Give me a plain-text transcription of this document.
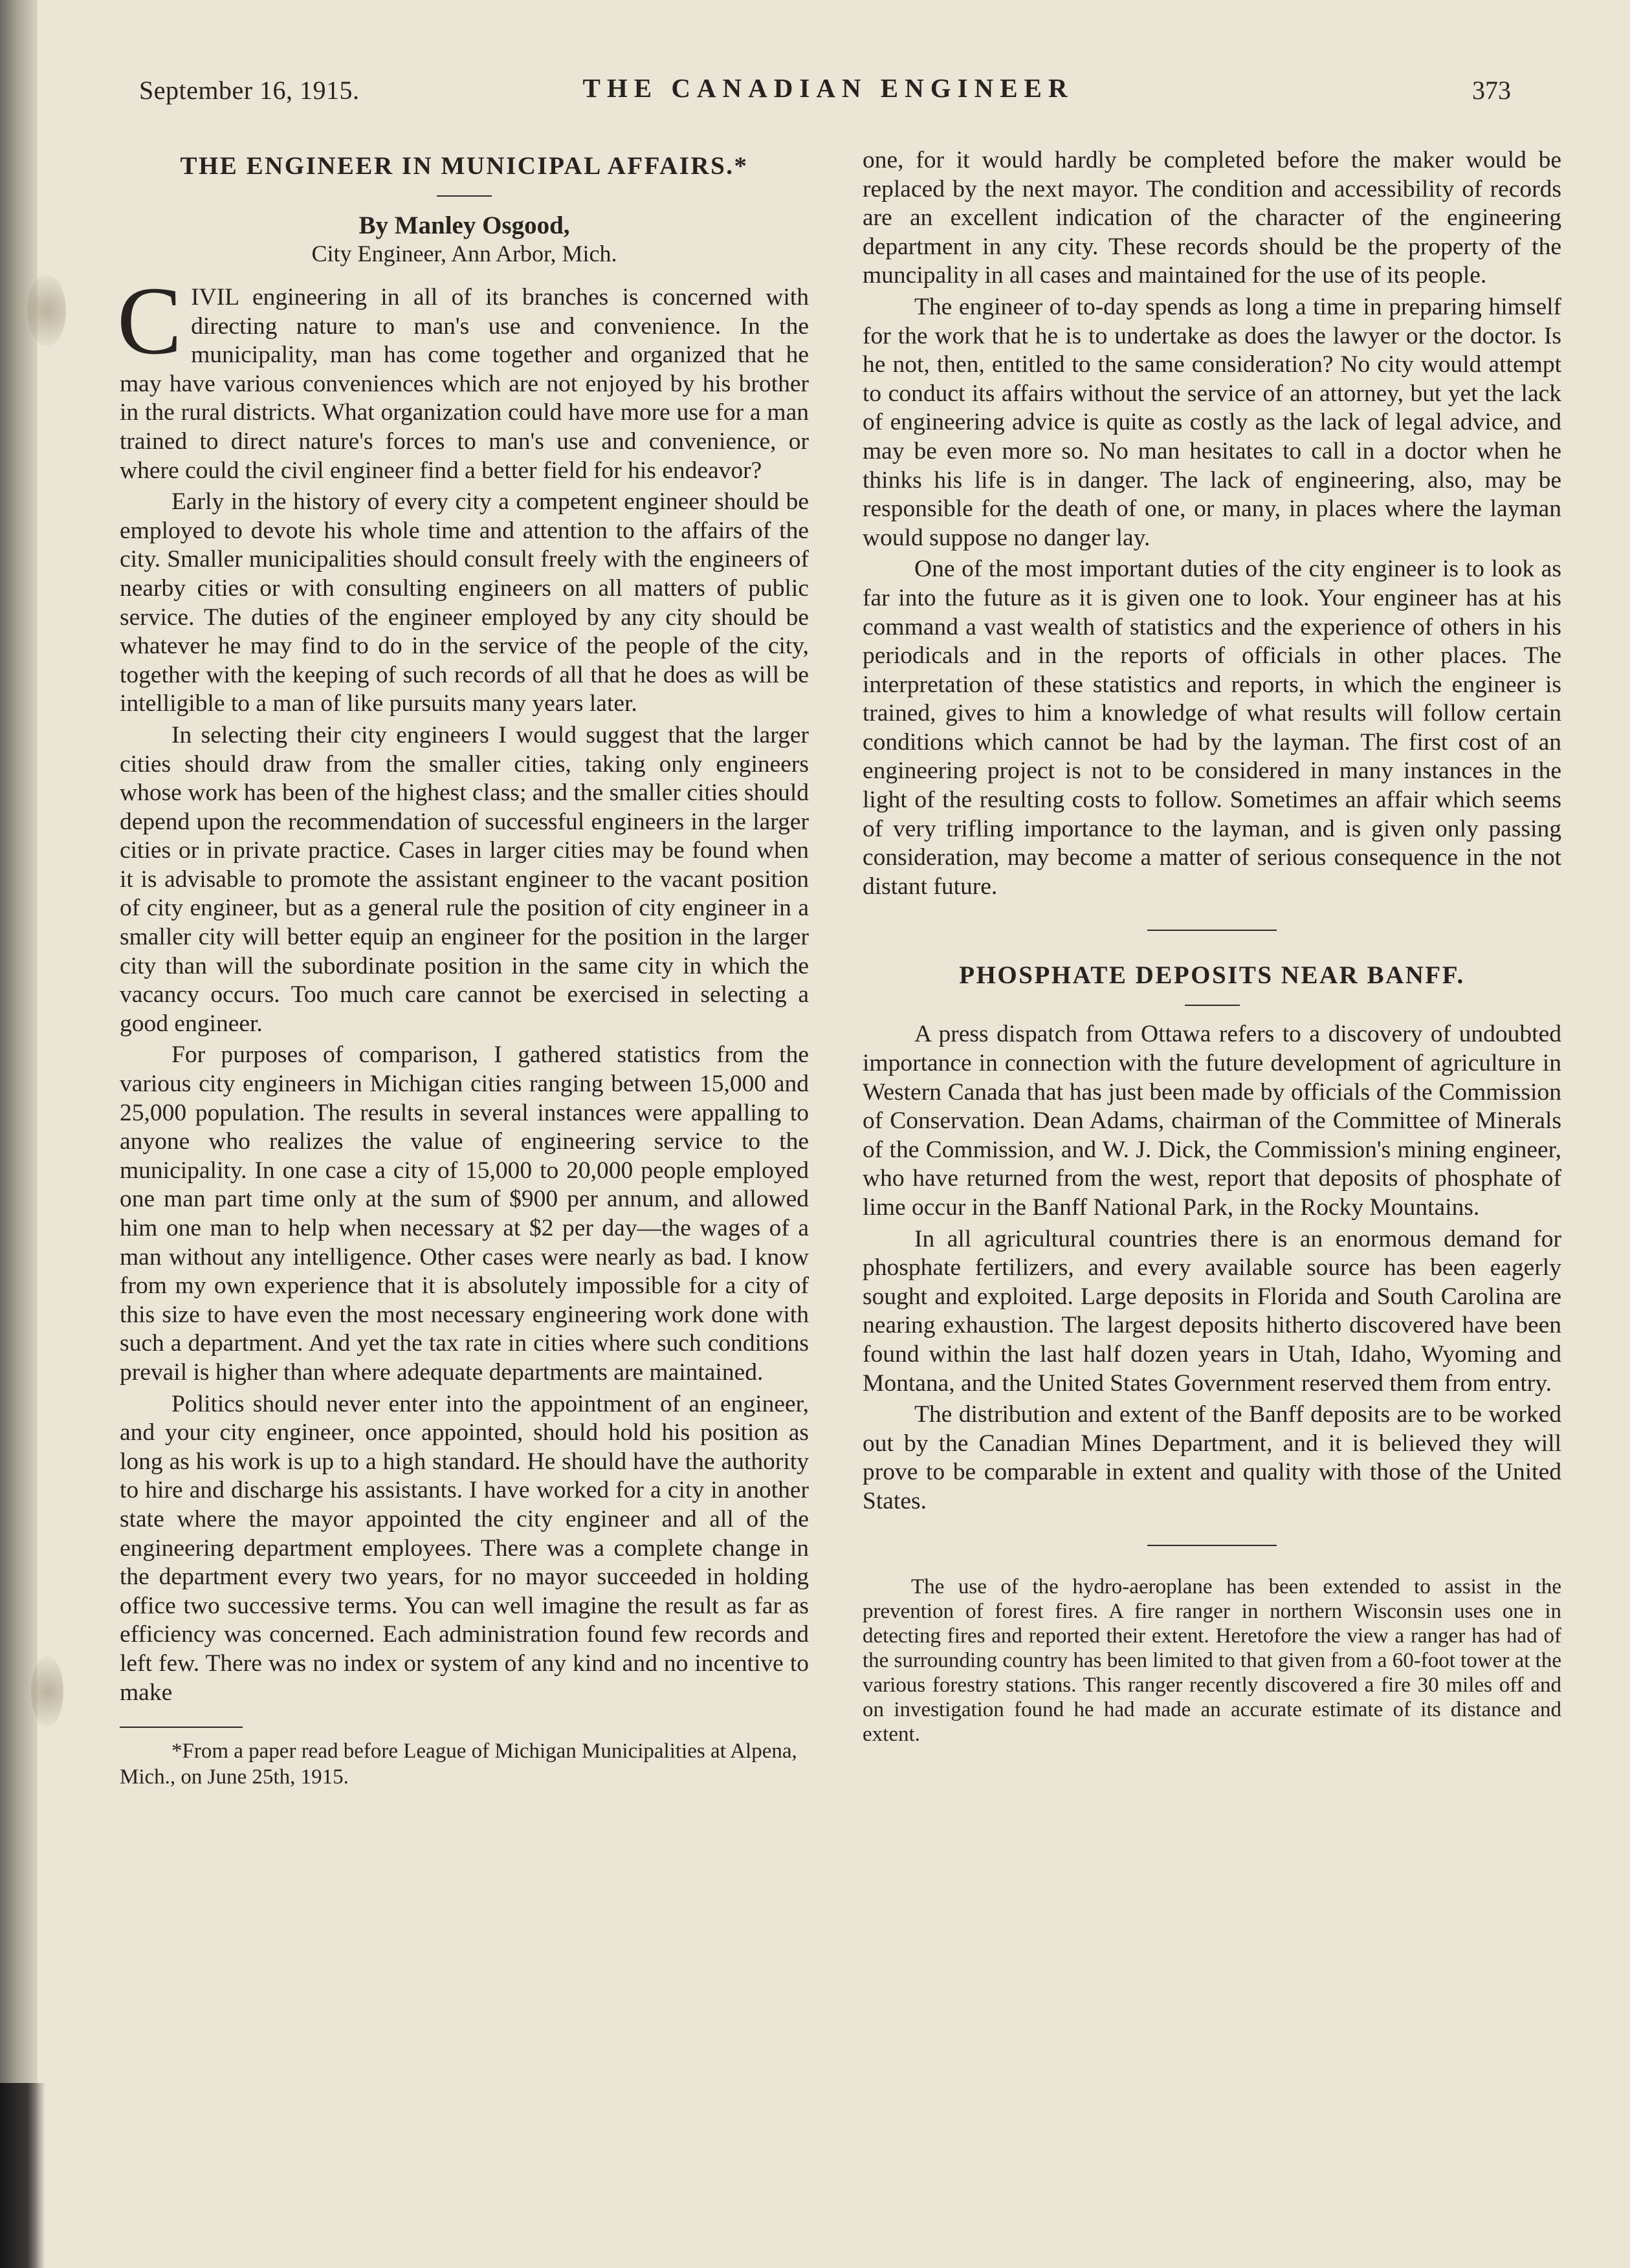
September 16, 1915.	THE CANADIAN ENGINEER	373
THE ENGINEER IN MUNICIPAL AFFAIRS.*
By Manley Osgood,
City Engineer, Ann Arbor, Mich.

CIVIL engineering in all of its branches is concerned with directing nature to man's use and convenience. In the municipality, man has come together and organized that he may have various conveniences which are not enjoyed by his brother in the rural districts. What organization could have more use for a man trained to direct nature's forces to man's use and convenience, or where could the civil engineer find a better field for his endeavor?

Early in the history of every city a competent engineer should be employed to devote his whole time and attention to the affairs of the city. Smaller municipalities should consult freely with the engineers of nearby cities or with consulting engineers on all matters of public service. The duties of the engineer employed by any city should be whatever he may find to do in the service of the people of the city, together with the keeping of such records of all that he does as will be intelligible to a man of like pursuits many years later.

In selecting their city engineers I would suggest that the larger cities should draw from the smaller cities, taking only engineers whose work has been of the highest class; and the smaller cities should depend upon the recommendation of successful engineers in the larger cities or in private practice. Cases in larger cities may be found when it is advisable to promote the assistant engineer to the vacant position of city engineer, but as a general rule the position of city engineer in a smaller city will better equip an engineer for the position in the larger city than will the subordinate position in the same city in which the vacancy occurs. Too much care cannot be exercised in selecting a good engineer.

For purposes of comparison, I gathered statistics from the various city engineers in Michigan cities ranging between 15,000 and 25,000 population. The results in several instances were appalling to anyone who realizes the value of engineering service to the municipality. In one case a city of 15,000 to 20,000 people employed one man part time only at the sum of $900 per annum, and allowed him one man to help when necessary at $2 per day—the wages of a man without any intelligence. Other cases were nearly as bad. I know from my own experience that it is absolutely impossible for a city of this size to have even the most necessary engineering work done with such a department. And yet the tax rate in cities where such conditions prevail is higher than where adequate departments are maintained.

Politics should never enter into the appointment of an engineer, and your city engineer, once appointed, should hold his position as long as his work is up to a high standard. He should have the authority to hire and discharge his assistants. I have worked for a city in another state where the mayor appointed the city engineer and all of the engineering department employees. There was a complete change in the department every two years, for no mayor succeeded in holding office two successive terms. You can well imagine the result as far as efficiency was concerned. Each administration found few records and left few. There was no index or system of any kind and no incentive to make

*From a paper read before League of Michigan Municipalities at Alpena, Mich., on June 25th, 1915.

one, for it would hardly be completed before the maker would be replaced by the next mayor. The condition and accessibility of records are an excellent indication of the character of the engineering department in any city. These records should be the property of the muncipality in all cases and maintained for the use of its people.

The engineer of to-day spends as long a time in preparing himself for the work that he is to undertake as does the lawyer or the doctor. Is he not, then, entitled to the same consideration? No city would attempt to conduct its affairs without the service of an attorney, but yet the lack of engineering advice is quite as costly as the lack of legal advice, and may be even more so. No man hesitates to call in a doctor when he thinks his life is in danger. The lack of engineering, also, may be responsible for the death of one, or many, in places where the layman would suppose no danger lay.

One of the most important duties of the city engineer is to look as far into the future as it is given one to look. Your engineer has at his command a vast wealth of statistics and the experience of others in his periodicals and in the reports of officials in other places. The interpretation of these statistics and reports, in which the engineer is trained, gives to him a knowledge of what results will follow certain conditions which cannot be had by the layman. The first cost of an engineering project is not to be considered in many instances in the light of the resulting costs to follow. Sometimes an affair which seems of very trifling importance to the layman, and is given only passing consideration, may become a matter of serious consequence in the not distant future.

PHOSPHATE DEPOSITS NEAR BANFF.

A press dispatch from Ottawa refers to a discovery of undoubted importance in connection with the future development of agriculture in Western Canada that has just been made by officials of the Commission of Conservation. Dean Adams, chairman of the Committee of Minerals of the Commission, and W. J. Dick, the Commission's mining engineer, who have returned from the west, report that deposits of phosphate of lime occur in the Banff National Park, in the Rocky Mountains.

In all agricultural countries there is an enormous demand for phosphate fertilizers, and every available source has been eagerly sought and exploited. Large deposits in Florida and South Carolina are nearing exhaustion. The largest deposits hitherto discovered have been found within the last half dozen years in Utah, Idaho, Wyoming and Montana, and the United States Government reserved them from entry.

The distribution and extent of the Banff deposits are to be worked out by the Canadian Mines Department, and it is believed they will prove to be comparable in extent and quality with those of the United States.

The use of the hydro-aeroplane has been extended to assist in the prevention of forest fires. A fire ranger in northern Wisconsin uses one in detecting fires and reported their extent. Heretofore the view a ranger has had of the surrounding country has been limited to that given from a 60-foot tower at the various forestry stations. This ranger recently discovered a fire 30 miles off and on investigation found he had made an accurate estimate of its distance and extent.
